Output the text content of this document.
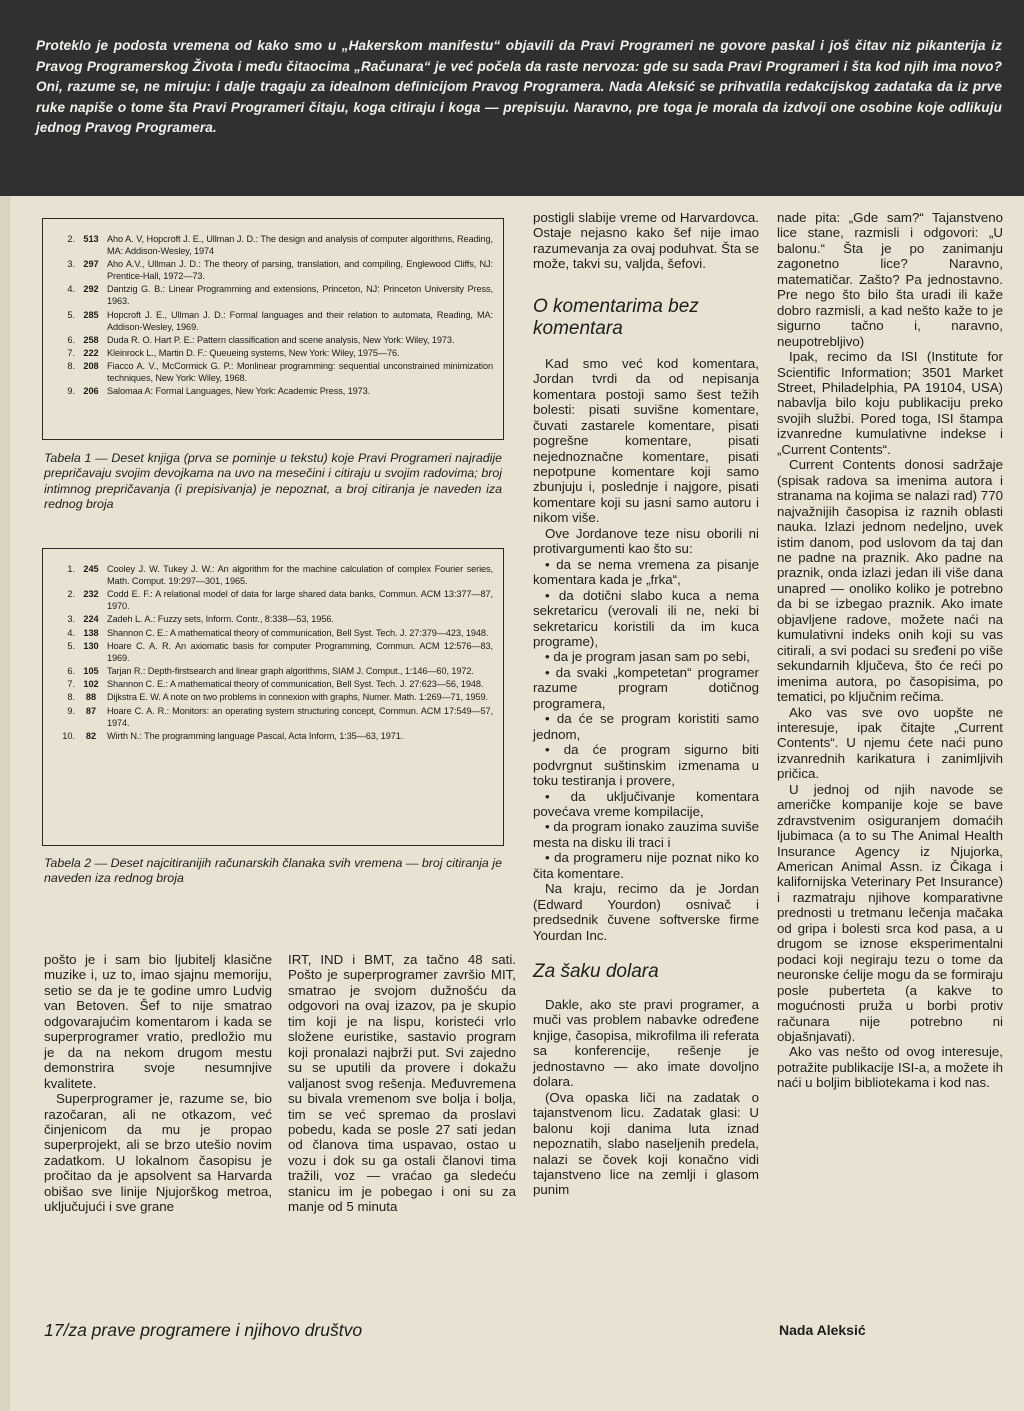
Proteklo je podosta vremena od kako smo u „Hakerskom manifestu“ objavili da Pravi Programeri ne govore paskal i još čitav niz pikanterija iz Pravog Programerskog Života i među čitaocima „Računara“ je već počela da raste nervoza: gde su sada Pravi Programeri i šta kod njih ima novo? Oni, razume se, ne miruju: i dalje tragaju za idealnom definicijom Pravog Programera. Nada Aleksić se prihvatila redakcijskog zadataka da iz prve ruke napiše o tome šta Pravi Programeri čitaju, koga citiraju i koga — prepisuju. Naravno, pre toga je morala da izdvoji one osobine koje odlikuju jednog Pravog Programera.

2. 513 Aho A. V, Hopcroft J. E., Ullman J. D.: The design and analysis of computer algorithms, Reading, MA: Addison-Wesley, 1974
3. 297 Aho A.V., Ullman J. D.: The theory of parsing, translation, and compiling, Englewood Cliffs, NJ: Prentice-Hall, 1972—73.
4. 292 Dantzig G. B.: Linear Programming and extensions, Princeton, NJ: Princeton University Press, 1963.
5. 285 Hopcroft J. E., Ullman J. D.: Formal languages and their relation to automata, Reading, MA: Addison-Wesley, 1969.
6. 258 Duda R. O. Hart P. E.: Pattern classification and scene analysis, New York: Wiley, 1973.
7. 222 Kleinrock L., Martin D. F.: Queueing systems, New York: Wiley, 1975—76.
8. 208 Fiacco A. V., McCormick G. P.: Monlinear programming: sequential unconstrained minimization techniques, New York: Wiley, 1968.
9. 206 Salomaa A: Formal Languages, New York: Academic Press, 1973.
Tabela 1 — Deset knjiga (prva se pominje u tekstu) koje Pravi Programeri najradije prepričavaju svojim devojkama na uvo na mesečini i citiraju u svojim radovima; broj intimnog prepričavanja (i prepisivanja) je nepoznat, a broj citiranja je naveden iza rednog broja
1. 245 Cooley J. W. Tukey J. W.: An algorithm for the machine calculation of complex Fourier series, Math. Comput. 19:297—301, 1965.
2. 232 Codd E. F.: A relational model of data for large shared data banks, Commun. ACM 13:377—87, 1970.
3. 224 Zadeh L. A.: Fuzzy sets, Inform. Contr., 8:338—53, 1956.
4. 138 Shannon C. E.: A mathematical theory of communication, Bell Syst. Tech. J. 27:379—423, 1948.
5. 130 Hoare C. A. R. An axiomatic basis for computer Programming, Commun. ACM 12:576—83, 1969.
6. 105 Tarjan R.: Depth-firstsearch and linear graph algorithms, SIAM J. Comput., 1:146—60, 1972.
7. 102 Shannon C. E.: A mathematical theory of communication, Bell Syst. Tech. J. 27:623—56, 1948.
8.	88	Dijkstra E. W. A note on two problems in connexion with graphs, Numer. Math. 1:269—71, 1959.
9.	87	Hoare C. A. R.: Monitors: an operating system structuring concept, Commun. ACM 17:549—57, 1974.
10.	82	Wirth N.: The programming language Pascal, Acta Inform, 1:35—63, 1971.
Tabela 2 — Deset najcitiranijih računarskih članaka svih vremena — broj citiranja je naveden iza rednog broja

pošto je i sam bio ljubitelj klasične muzike i, uz to, imao sjajnu memoriju, setio se da je te godine umro Ludvig van Betoven. Šef to nije smatrao odgovarajućim komentarom i kada se superprogramer vratio, predložio mu je da na nekom drugom mestu demonstrira svoje nesumnjive kvalitete.

Superprogramer je, razume se, bio razočaran, ali ne otkazom, već činjenicom da mu je propao superprojekt, ali se brzo utešio novim zadatkom. U lokalnom časopisu je pročitao da je apsolvent sa Harvarda obišao sve linije Njujorškog metroa, uključujući i sve grane

IRT, IND i BMT, za tačno 48 sati. Pošto je superprogramer završio MIT, smatrao je svojom dužnošću da odgovori na ovaj izazov, pa je skupio tim koji je na lispu, koristeći vrlo složene euristike, sastavio program koji pronalazi najbrži put. Svi zajedno su se uputili da provere i dokažu valjanost svog rešenja. Međuvremena su bivala vremenom sve bolja i bolja, tim se već spremao da proslavi pobedu, kada se posle 27 sati jedan od članova tima uspavao, ostao u vozu i dok su ga ostali članovi tima tražili, voz — vraćao ga sledeću stanicu im je pobegao i oni su za manje od 5 minuta

postigli slabije vreme od Harvardovca. Ostaje nejasno kako šef nije imao razumevanja za ovaj poduhvat. Šta se može, takvi su, valjda, šefovi.

O komentarima bez komentara

Kad smo već kod komentara, Jordan tvrdi da od nepisanja komentara postoji samo šest težih bolesti: pisati suvišne komentare, čuvati zastarele komentare, pisati pogrešne komentare, pisati nejednoznačne komentare, pisati nepotpune komentare koji samo zbunjuju i, poslednje i najgore, pisati komentare koji su jasni samo autoru i nikom više.

Ove Jordanove teze nisu oborili ni protivargumenti kao što su:

• da se nema vremena za pisanje komentara kada je „frka“,

• da dotični slabo kuca a nema sekretaricu (verovali ili ne, neki bi sekretaricu koristili da im kuca programe),

• da je program jasan sam po sebi,

• da svaki „kompetetan“ programer razume program dotičnog programera,

• da će se program koristiti samo jednom,

• da će program sigurno biti podvrgnut suštinskim izmenama u toku testiranja i provere,

• da uključivanje komentara povećava vreme kompilacije,

• da program ionako zauzima suviše mesta na disku ili traci i

• da programeru nije poznat niko ko čita komentare.

Na kraju, recimo da je Jordan (Edward Yourdon) osnivač i predsednik čuvene softverske firme Yourdan Inc.

Za šaku dolara

Dakle, ako ste pravi programer, a muči vas problem nabavke određene knjige, časopisa, mikrofilma ili referata sa konferencije, rešenje je jednostavno — ako imate dovoljno dolara.

(Ova opaska liči na zadatak o tajanstvenom licu. Zadatak glasi: U balonu koji danima luta iznad nepoznatih, slabo naseljenih predela, nalazi se čovek koji konačno vidi tajanstveno lice na zemlji i glasom punim

nade pita: „Gde sam?“ Tajanstveno lice stane, razmisli i odgovori: „U balonu.“ Šta je po zanimanju zagonetno lice? Naravno, matematičar. Zašto? Pa jednostavno. Pre nego što bilo šta uradi ili kaže dobro razmisli, a kad nešto kaže to je sigurno tačno i, naravno, neupotrebljivo)

Ipak, recimo da ISI (Institute for Scientific Information; 3501 Market Street, Philadelphia, PA 19104, USA) nabavlja bilo koju publikaciju preko svojih službi. Pored toga, ISI štampa izvanredne kumulativne indekse i „Current Contents“.

Current Contents donosi sadržaje (spisak radova sa imenima autora i stranama na kojima se nalazi rad) 770 najvažnijih časopisa iz raznih oblasti nauka. Izlazi jednom nedeljno, uvek istim danom, pod uslovom da taj dan ne padne na praznik. Ako padne na praznik, onda izlazi jedan ili više dana unapred — onoliko koliko je potrebno da bi se izbegao praznik. Ako imate objavljene radove, možete naći na kumulativni indeks onih koji su vas citirali, a svi podaci su sređeni po više sekundarnih ključeva, što će reći po imenima autora, po časopisima, po tematici, po ključnim rečima.

Ako vas sve ovo uopšte ne interesuje, ipak čitajte „Current Contents“. U njemu ćete naći puno izvanrednih karikatura i zanimljivih pričica.

U jednoj od njih navode se američke kompanije koje se bave zdravstvenim osiguranjem domaćih ljubimaca (a to su The Animal Health Insurance Agency iz Njujorka, American Animal Assn. iz Čikaga i kalifornijska Veterinary Pet Insurance) i razmatraju njihove komparativne prednosti u tretmanu lečenja mačaka od gripa i bolesti srca kod pasa, a u drugom se iznose eksperimentalni podaci koji negiraju tezu o tome da neuronske ćelije mogu da se formiraju posle puberteta (a kakve to mogućnosti pruža u borbi protiv računara nije potrebno ni objašnjavati).

Ako vas nešto od ovog interesuje, potražite publikacije ISI-a, a možete ih naći u boljim bibliotekama i kod nas.

17/za prave programere i njihovo društvo	Nada Aleksić
